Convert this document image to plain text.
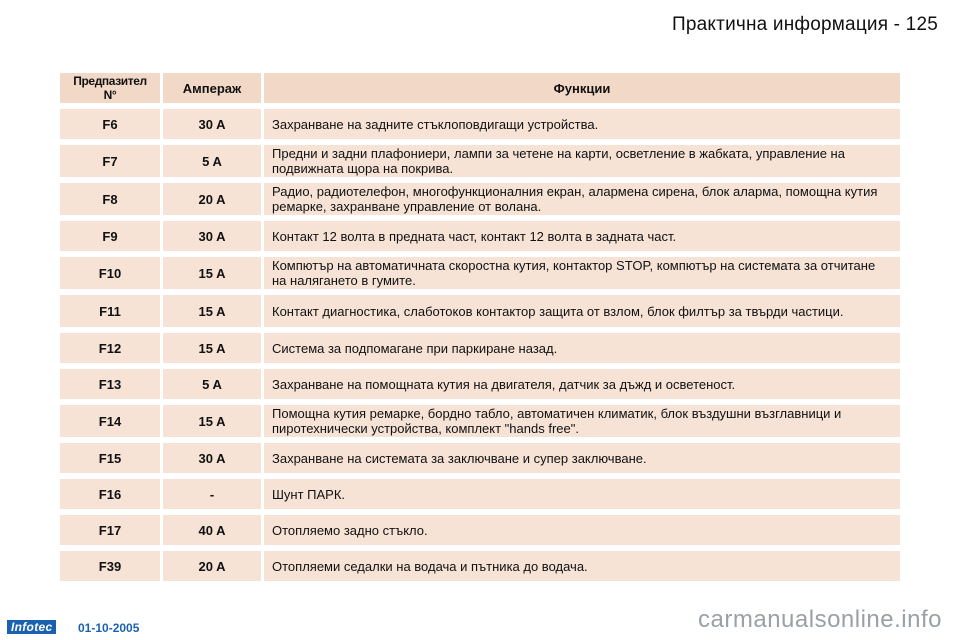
Практична информация - 125
Предпазител N°	Ампераж	Функции
F6	30 A	Захранване на задните стъклоповдигащи устройства.
F7	5 A	Предни и задни плафониери, лампи за четене на карти, осветление в жабката, управление на подвижната щора на покрива.
F8	20 A	Радио, радиотелефон, многофункционалния екран, алармена сирена, блок аларма, помощна кутия ремарке, захранване управление от волана.
F9	30 A	Контакт 12 волта в предната част, контакт 12 волта в задната част.
F10	15 A	Компютър на автоматичната скоростна кутия, контактор STOP, компютър на системата за отчитане на налягането в гумите.
F11	15 A	Контакт диагностика, слаботоков контактор защита от взлом, блок филтър за твърди частици.
F12	15 A	Система за подпомагане при паркиране назад.
F13	5 A	Захранване на помощната кутия на двигателя, датчик за дъжд и осветеност.
F14	15 A	Помощна кутия ремарке, бордно табло, автоматичен климатик, блок въздушни възглавници и пиротехнически устройства, комплект "hands free".
F15	30 A	Захранване на системата за заключване и супер заключване.
F16	-	Шунт ПАРК.
F17	40 A	Отопляемо задно стъкло.
F39	20 A	Отопляеми седалки на водача и пътника до водача.
Infotec	01-10-2005	carmanualsonline.info
